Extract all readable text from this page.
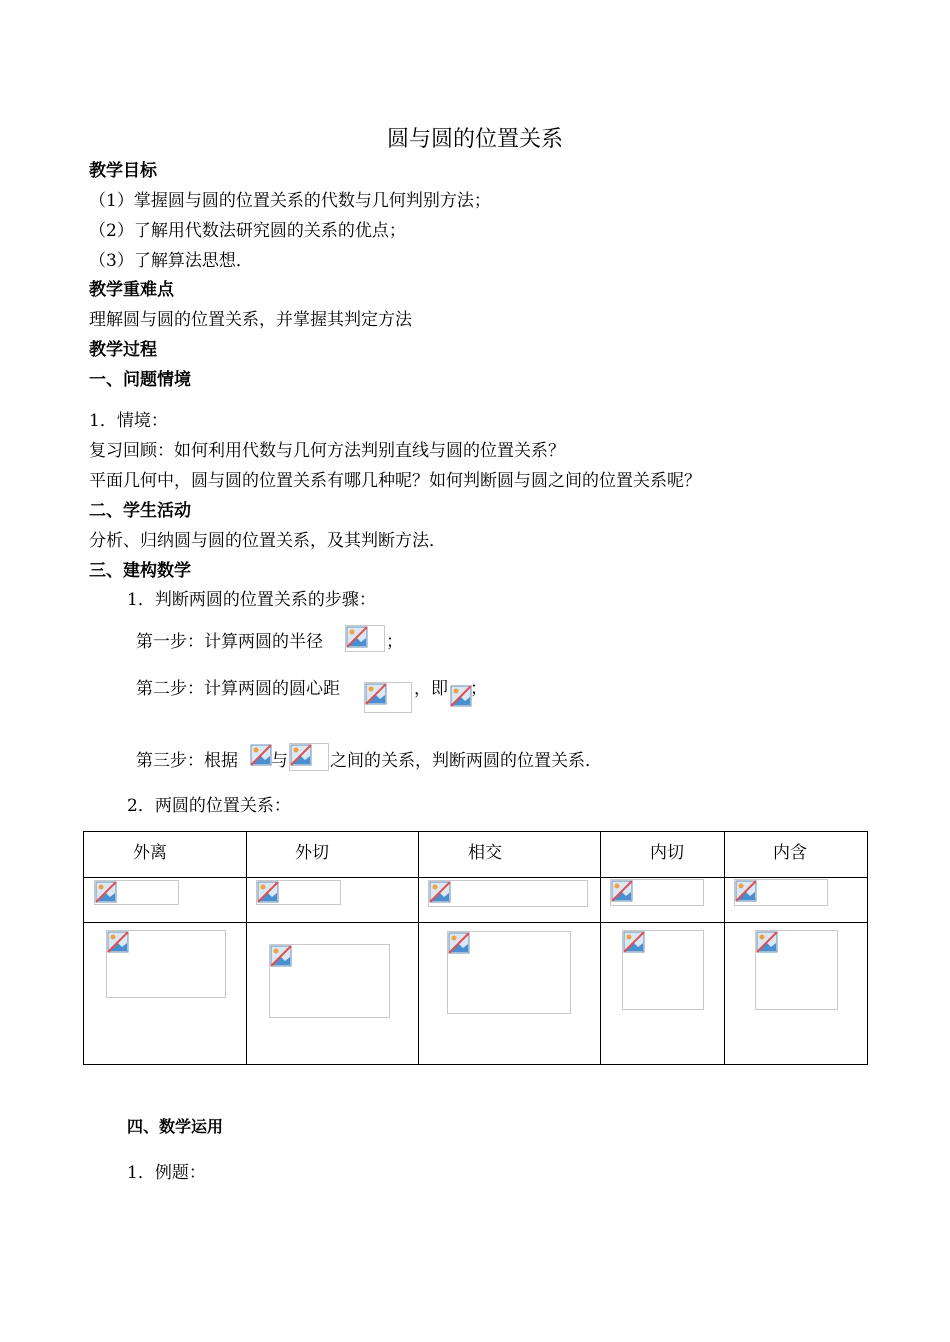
圆与圆的位置关系
教学目标
（1）掌握圆与圆的位置关系的代数与几何判别方法；
（2）了解用代数法研究圆的关系的优点；
（3）了解算法思想．
教学重难点
理解圆与圆的位置关系，并掌握其判定方法
教学过程
一、问题情境
1．情境：
复习回顾：如何利用代数与几何方法判别直线与圆的位置关系？
平面几何中，圆与圆的位置关系有哪几种呢？如何判断圆与圆之间的位置关系呢？
二、学生活动
分析、归纳圆与圆的位置关系，及其判断方法．
三、建构数学
1．判断两圆的位置关系的步骤：
第一步：计算两圆的半径	；
第二步：计算两圆的圆心距	，即 ；
第三步：根据 与 之间的关系，判断两圆的位置关系．
2．两圆的位置关系：
外离	外切	相交	内切	内含
四、数学运用
1．例题：
